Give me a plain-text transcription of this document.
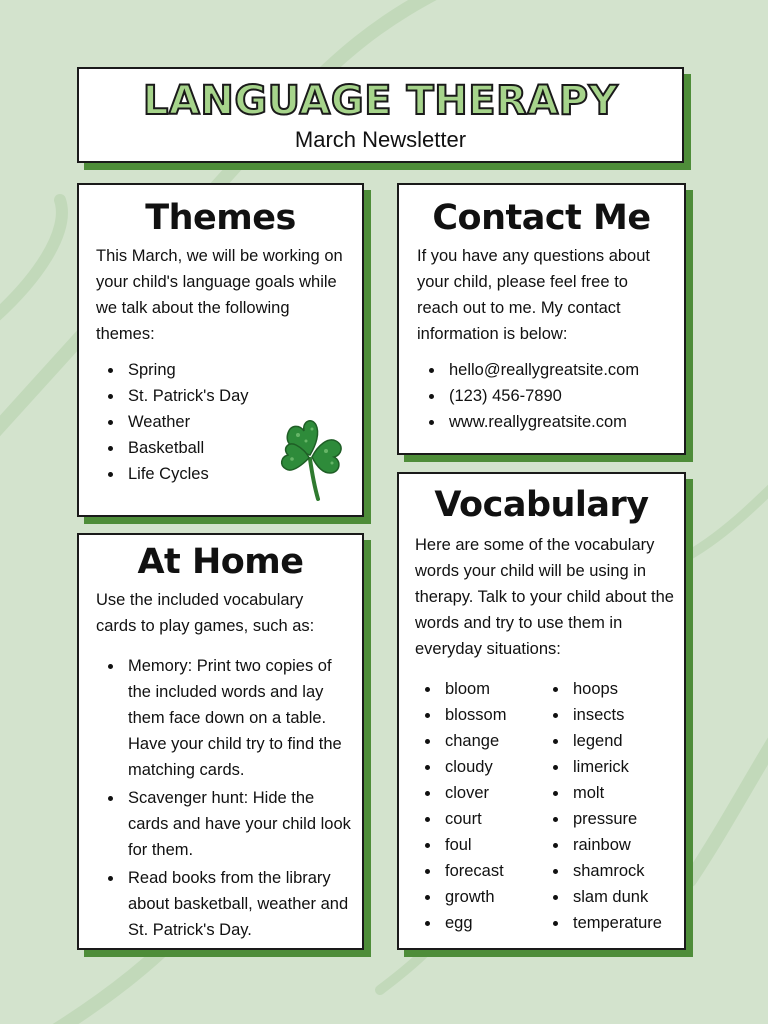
LANGUAGE THERAPY
March Newsletter
Themes

This March, we will be working on your child's language goals while we talk about the following themes:

Spring
St. Patrick's Day
Weather
Basketball
Life Cycles
Contact Me

If you have any questions about your child, please feel free to reach out to me. My contact information is below:

hello@reallygreatsite.com
(123) 456-7890
www.reallygreatsite.com
At Home

Use the included vocabulary cards to play games, such as:

Memory: Print two copies of the included words and lay them face down on a table. Have your child try to find the matching cards.
Scavenger hunt: Hide the cards and have your child look for them.
Read books from the library about basketball, weather and St. Patrick's Day.
Vocabulary

Here are some of the vocabulary words your child will be using in therapy. Talk to your child about the words and try to use them in everyday situations:

bloom
blossom
change
cloudy
clover
court
foul
forecast
growth
egg
hoops
insects
legend
limerick
molt
pressure
rainbow
shamrock
slam dunk
temperature
